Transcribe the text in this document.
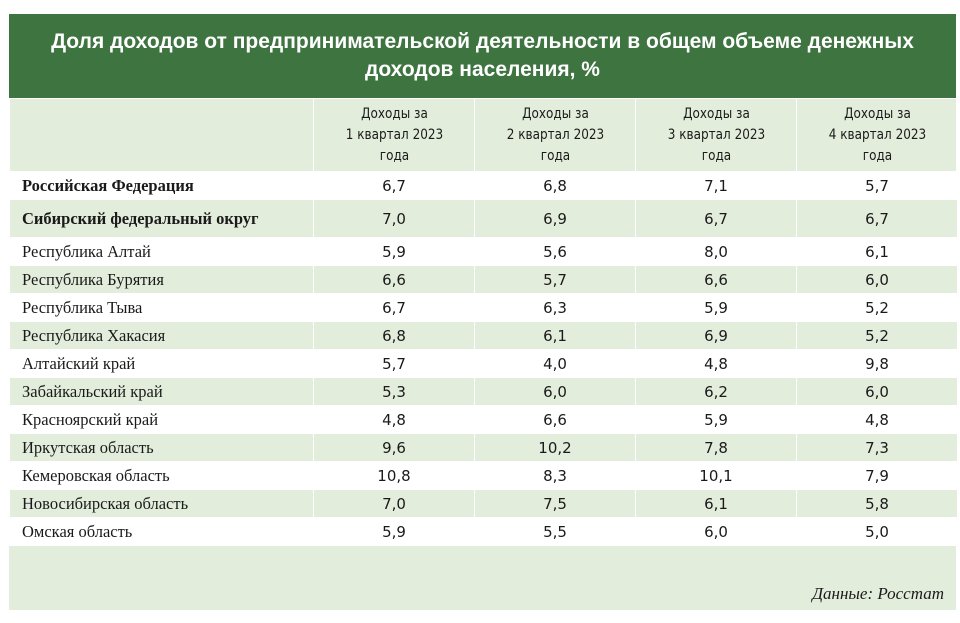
Доля доходов от предпринимательской деятельности в общем объеме денежных доходов населения, %
	Доходы за
1 квартал 2023
года	Доходы за
2 квартал 2023
года	Доходы за
3 квартал 2023
года	Доходы за
4 квартал 2023
года
Российская Федерация	6,7	6,8	7,1	5,7
Сибирский федеральный округ	7,0	6,9	6,7	6,7
Республика Алтай	5,9	5,6	8,0	6,1
Республика Бурятия	6,6	5,7	6,6	6,0
Республика Тыва	6,7	6,3	5,9	5,2
Республика Хакасия	6,8	6,1	6,9	5,2
Алтайский край	5,7	4,0	4,8	9,8
Забайкальский край	5,3	6,0	6,2	6,0
Красноярский край	4,8	6,6	5,9	4,8
Иркутская область	9,6	10,2	7,8	7,3
Кемеровская область	10,8	8,3	10,1	7,9
Новосибирская область	7,0	7,5	6,1	5,8
Омская область	5,9	5,5	6,0	5,0
Данные: Росстат
